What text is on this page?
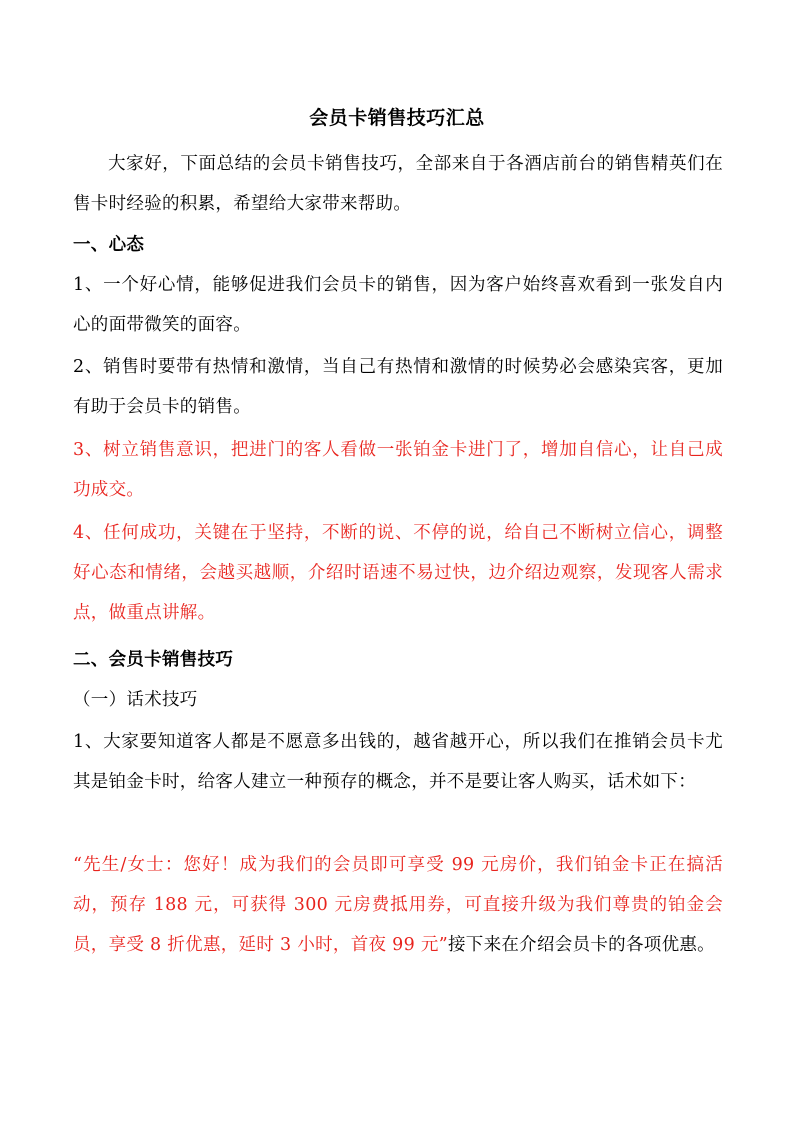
会员卡销售技巧汇总

大家好，下面总结的会员卡销售技巧，全部来自于各酒店前台的销售精英们在售卡时经验的积累，希望给大家带来帮助。

一、心态

1、一个好心情，能够促进我们会员卡的销售，因为客户始终喜欢看到一张发自内心的面带微笑的面容。

2、销售时要带有热情和激情，当自己有热情和激情的时候势必会感染宾客，更加有助于会员卡的销售。

3、树立销售意识，把进门的客人看做一张铂金卡进门了，增加自信心，让自己成功成交。

4、任何成功，关键在于坚持，不断的说、不停的说，给自己不断树立信心，调整好心态和情绪，会越买越顺，介绍时语速不易过快，边介绍边观察，发现客人需求点，做重点讲解。

二、会员卡销售技巧

（一）话术技巧

1、大家要知道客人都是不愿意多出钱的，越省越开心，所以我们在推销会员卡尤其是铂金卡时，给客人建立一种预存的概念，并不是要让客人购买，话术如下：

“先生/女士：您好！成为我们的会员即可享受 99 元房价，我们铂金卡正在搞活动，预存 188 元，可获得 300 元房费抵用券，可直接升级为我们尊贵的铂金会员，享受 8 折优惠，延时 3 小时，首夜 99 元”接下来在介绍会员卡的各项优惠。
